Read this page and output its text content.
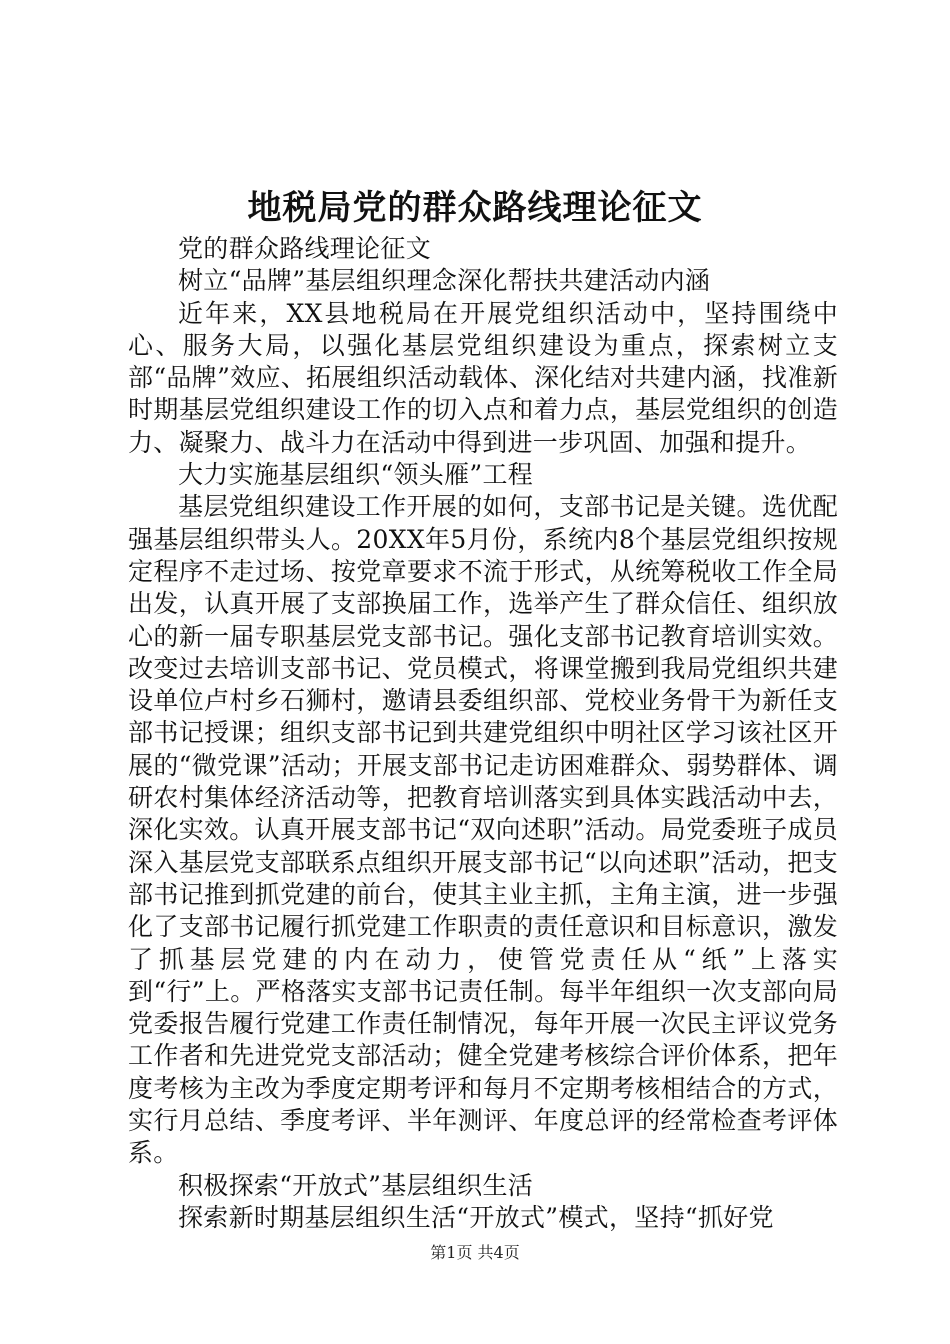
地税局党的群众路线理论征文

党的群众路线理论征文

树立“品牌”基层组织理念深化帮扶共建活动内涵

近年来，XX县地税局在开展党组织活动中，坚持围绕中心、服务大局，以强化基层党组织建设为重点，探索树立支部“品牌”效应、拓展组织活动载体、深化结对共建内涵，找准新时期基层党组织建设工作的切入点和着力点，基层党组织的创造力、凝聚力、战斗力在活动中得到进一步巩固、加强和提升。

大力实施基层组织“领头雁”工程

基层党组织建设工作开展的如何，支部书记是关键。选优配强基层组织带头人。20XX年5月份，系统内8个基层党组织按规定程序不走过场、按党章要求不流于形式，从统筹税收工作全局出发，认真开展了支部换届工作，选举产生了群众信任、组织放心的新一届专职基层党支部书记。强化支部书记教育培训实效。改变过去培训支部书记、党员模式，将课堂搬到我局党组织共建设单位卢村乡石狮村，邀请县委组织部、党校业务骨干为新任支部书记授课；组织支部书记到共建党组织中明社区学习该社区开展的“微党课”活动；开展支部书记走访困难群众、弱势群体、调研农村集体经济活动等，把教育培训落实到具体实践活动中去，深化实效。认真开展支部书记“双向述职”活动。局党委班子成员深入基层党支部联系点组织开展支部书记“以向述职”活动，把支部书记推到抓党建的前台，使其主业主抓，主角主演，进一步强化了支部书记履行抓党建工作职责的责任意识和目标意识，激发了抓基层党建的内在动力，使管党责任从“纸”上落实到“行”上。严格落实支部书记责任制。每半年组织一次支部向局党委报告履行党建工作责任制情况，每年开展一次民主评议党务工作者和先进党党支部活动；健全党建考核综合评价体系，把年度考核为主改为季度定期考评和每月不定期考核相结合的方式，实行月总结、季度考评、半年测评、年度总评的经常检查考评体系。

积极探索“开放式”基层组织生活

探索新时期基层组织生活“开放式”模式，坚持“抓好党

第1页 共4页
